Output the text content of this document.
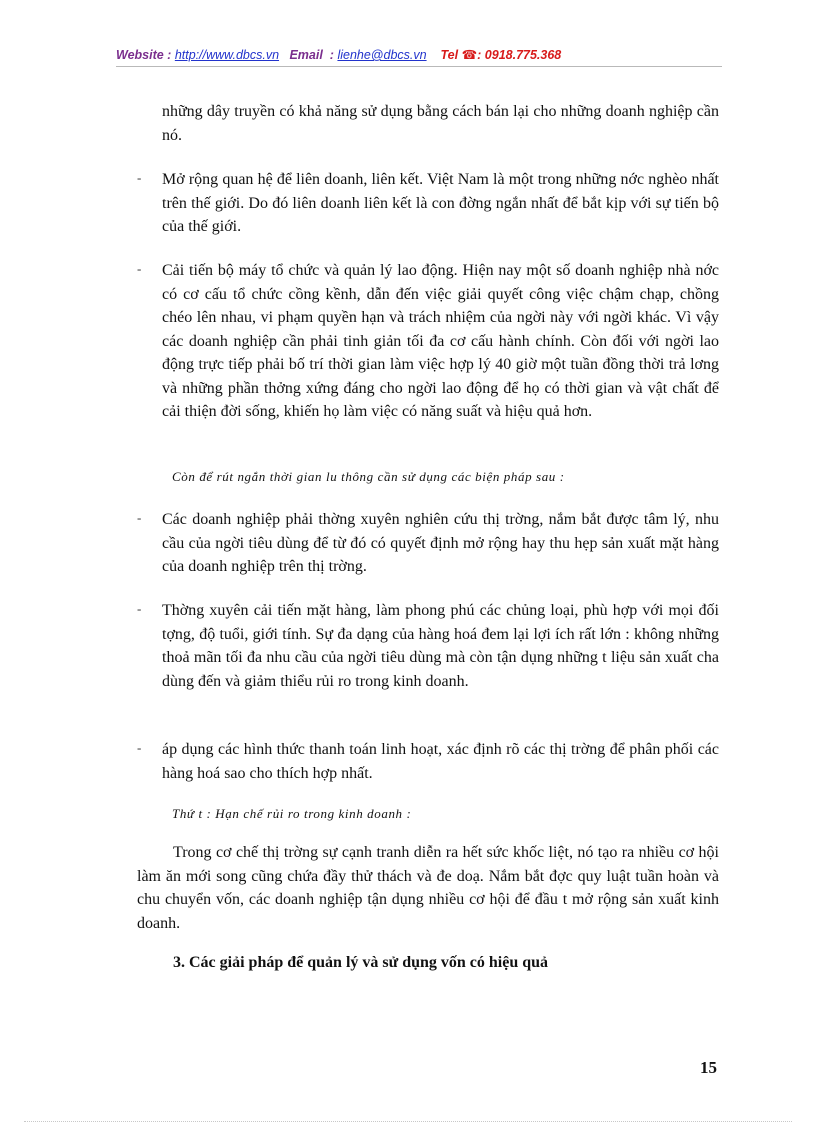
Website : http://www.dbcs.vn Email : lienhe@dbcs.vn Tel ☎: 0918.775.368
những dây truyền có khả năng sử dụng bằng cách bán lại cho những doanh nghiệp cần nó.
- Mở rộng quan hệ để liên doanh, liên kết. Việt Nam là một trong những nớc nghèo nhất trên thế giới. Do đó liên doanh liên kết là con đờng ngắn nhất để bắt kịp với sự tiến bộ của thế giới.
- Cải tiến bộ máy tổ chức và quản lý lao động. Hiện nay một số doanh nghiệp nhà nớc có cơ cấu tổ chức cồng kềnh, dẫn đến việc giải quyết công việc chậm chạp, chồng chéo lên nhau, vi phạm quyền hạn và trách nhiệm của ngời này với ngời khác. Vì vậy các doanh nghiệp cần phải tinh giản tối đa cơ cấu hành chính. Còn đối với ngời lao động trực tiếp phải bố trí thời gian làm việc hợp lý 40 giờ một tuần đồng thời trả lơng và những phần thởng xứng đáng cho ngời lao động để họ có thời gian và vật chất để cải thiện đời sống, khiến họ làm việc có năng suất và hiệu quả hơn.
Còn để rút ngắn thời gian lu thông cần sử dụng các biện pháp sau :
- Các doanh nghiệp phải thờng xuyên nghiên cứu thị trờng, nắm bắt được tâm lý, nhu cầu của ngời tiêu dùng để từ đó có quyết định mở rộng hay thu hẹp sản xuất mặt hàng của doanh nghiệp trên thị trờng.
- Thờng xuyên cải tiến mặt hàng, làm phong phú các chủng loại, phù hợp với mọi đối tợng, độ tuổi, giới tính. Sự đa dạng của hàng hoá đem lại lợi ích rất lớn : không những thoả mãn tối đa nhu cầu của ngời tiêu dùng mà còn tận dụng những t liệu sản xuất cha dùng đến và giảm thiểu rủi ro trong kinh doanh.
- áp dụng các hình thức thanh toán linh hoạt, xác định rõ các thị trờng để phân phối các hàng hoá sao cho thích hợp nhất.
Thứ t : Hạn chế rủi ro trong kinh doanh :
Trong cơ chế thị trờng sự cạnh tranh diễn ra hết sức khốc liệt, nó tạo ra nhiều cơ hội làm ăn mới song cũng chứa đầy thử thách và đe doạ. Nắm bắt đợc quy luật tuần hoàn và chu chuyển vốn, các doanh nghiệp tận dụng nhiều cơ hội để đầu t mở rộng sản xuất kinh doanh.
3. Các giải pháp để quản lý và sử dụng vốn có hiệu quả
15
